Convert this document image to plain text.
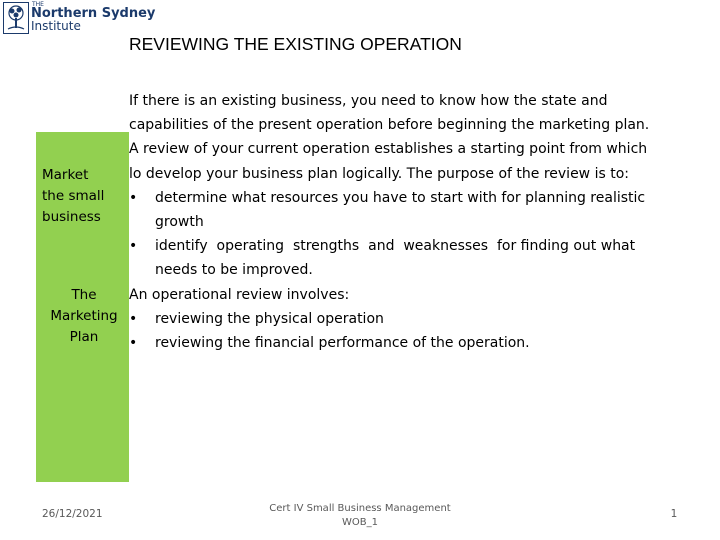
THE
Northern Sydney
Institute
REVIEWING THE EXISTING OPERATION
Market
the small
business
The
Marketing
Plan
If there is an existing business, you need to know how the state and
capabilities of the present operation before beginning the marketing plan.
A review of your current operation establishes a starting point from which
lo develop your business plan logically. The purpose of the review is to:
• determine what resources you have to start with for planning realistic
growth
• identify  operating  strengths  and  weaknesses  for finding out what
needs to be improved.
An operational review involves:
• reviewing the physical operation
• reviewing the financial performance of the operation.
26/12/2021	Cert IV Small Business Management
WOB_1
1
